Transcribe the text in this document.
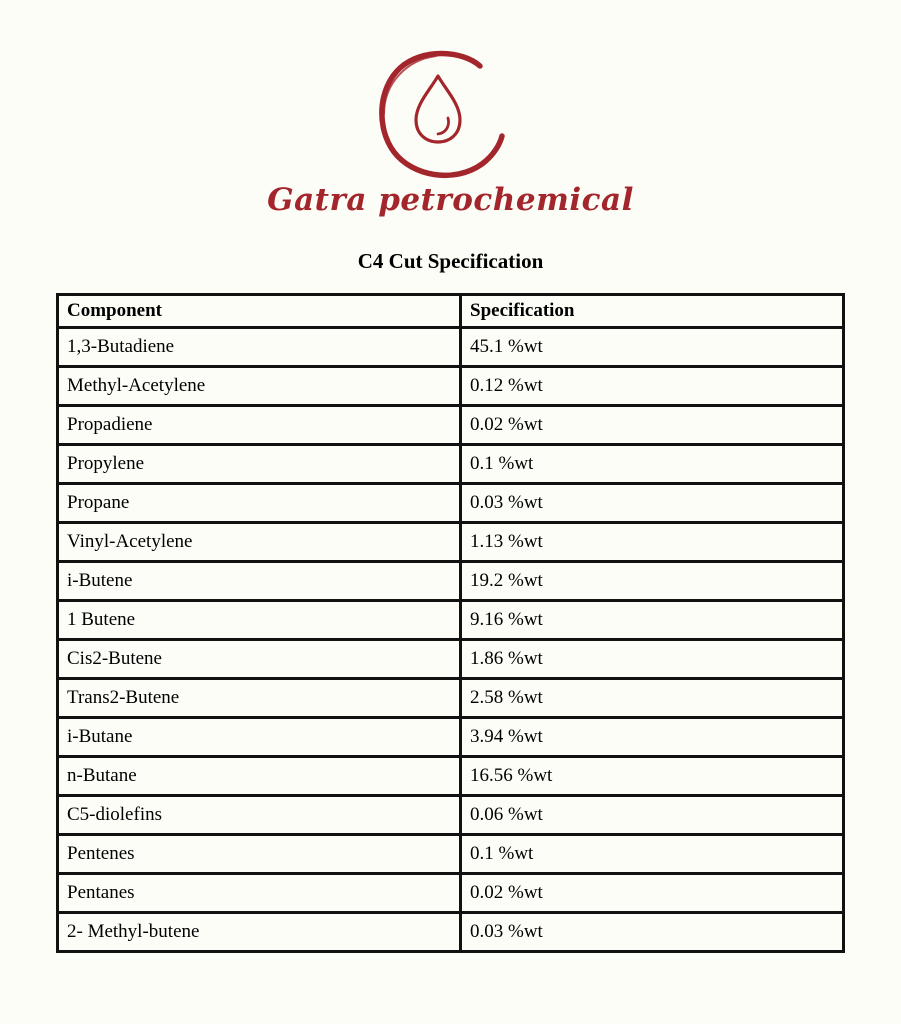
Gatra petrochemical
C4 Cut Specification
Component	Specification
1,3-Butadiene	45.1 %wt
Methyl-Acetylene	0.12 %wt
Propadiene	0.02 %wt
Propylene	0.1 %wt
Propane	0.03 %wt
Vinyl-Acetylene	1.13 %wt
i-Butene	19.2 %wt
1 Butene	9.16 %wt
Cis2-Butene	1.86 %wt
Trans2-Butene	2.58 %wt
i-Butane	3.94 %wt
n-Butane	16.56 %wt
C5-diolefins	0.06 %wt
Pentenes	0.1 %wt
Pentanes	0.02 %wt
2- Methyl-butene	0.03 %wt
